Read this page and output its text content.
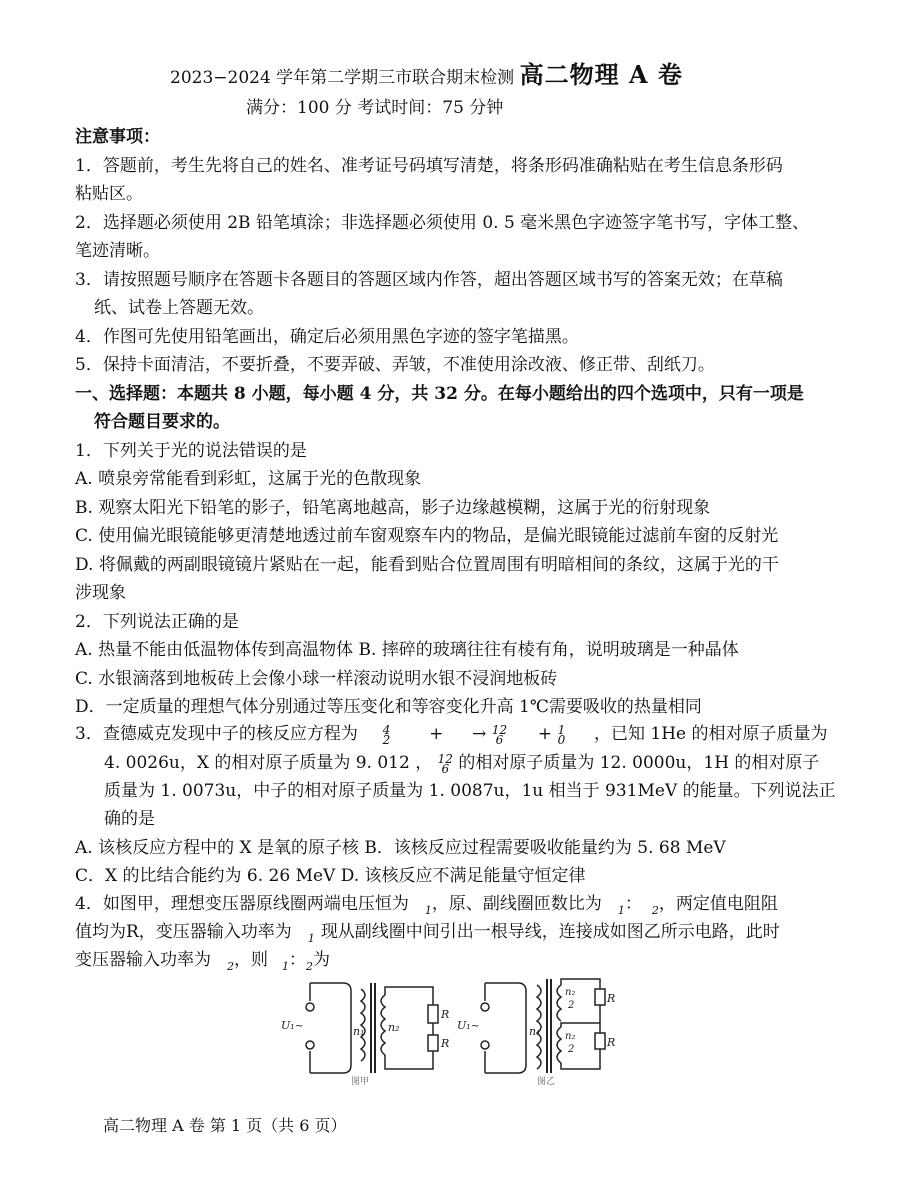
2023−2024 学年第二学期三市联合期末检测 高二物理 A 卷
满分：100 分 考试时间：75 分钟
注意事项：
1．答题前，考生先将自己的姓名、准考证号码填写清楚，将条形码准确粘贴在考生信息条形码
粘贴区。
2．选择题必须使用 2B 铅笔填涂；非选择题必须使用 0. 5 毫米黑色字迹签字笔书写，字体工整、
笔迹清晰。
3．请按照题号顺序在答题卡各题目的答题区域内作答，超出答题区域书写的答案无效；在草稿
纸、试卷上答题无效。
4．作图可先使用铅笔画出，确定后必须用黑色字迹的签字笔描黑。
5．保持卡面清洁，不要折叠，不要弄破、弄皱，不准使用涂改液、修正带、刮纸刀。
一、选择题：本题共 8 小题，每小题 4 分，共 32 分。在每小题给出的四个选项中，只有一项是
符合题目要求的。
1．下列关于光的说法错误的是
A. 喷泉旁常能看到彩虹，这属于光的色散现象
B. 观察太阳光下铅笔的影子，铅笔离地越高，影子边缘越模糊，这属于光的衍射现象
C. 使用偏光眼镜能够更清楚地透过前车窗观察车内的物品，是偏光眼镜能过滤前车窗的反射光
D. 将佩戴的两副眼镜镜片紧贴在一起，能看到贴合位置周围有明暗相间的条纹，这属于光的干
涉现象
2．下列说法正确的是
A. 热量不能由低温物体传到高温物体 B. 摔碎的玻璃往往有棱有角，说明玻璃是一种晶体
C. 水银滴落到地板砖上会像小球一样滚动说明水银不浸润地板砖
D．一定质量的理想气体分别通过等压变化和等容变化升高 1℃需要吸收的热量相同
3．查德威克发现中子的核反应方程为 4
2 + → 12
6 + 1
0 ，已知 1He 的相对原子质量为
4. 0026u，X 的相对原子质量为 9. 012 ， 12
6 的相对原子质量为 12. 0000u，1H 的相对原子
质量为 1. 0073u，中子的相对原子质量为 1. 0087u，1u 相当于 931MeV 的能量。下列说法正
确的是
A. 该核反应方程中的 X 是氧的原子核 B．该核反应过程需要吸收能量约为 5. 68 MeV
C．X 的比结合能约为 6. 26 MeV D. 该核反应不满足能量守恒定律
4．如图甲，理想变压器原线圈两端电压恒为 $_1$，原、副线圈匝数比为 $_1$： $_2$，两定值电阻阻
值均为R，变压器输入功率为 $_1$ 现从副线圈中间引出一根导线，连接成如图乙所示电路，此时
变压器输入功率为 $_2$，则 $_1$：$_2$为
U₁~	n₁ n₂
R
R
图甲
U₁~	n₁
n₂
2
n₂
2
R
R
图乙
高二物理 A 卷 第 1 页（共 6 页）
